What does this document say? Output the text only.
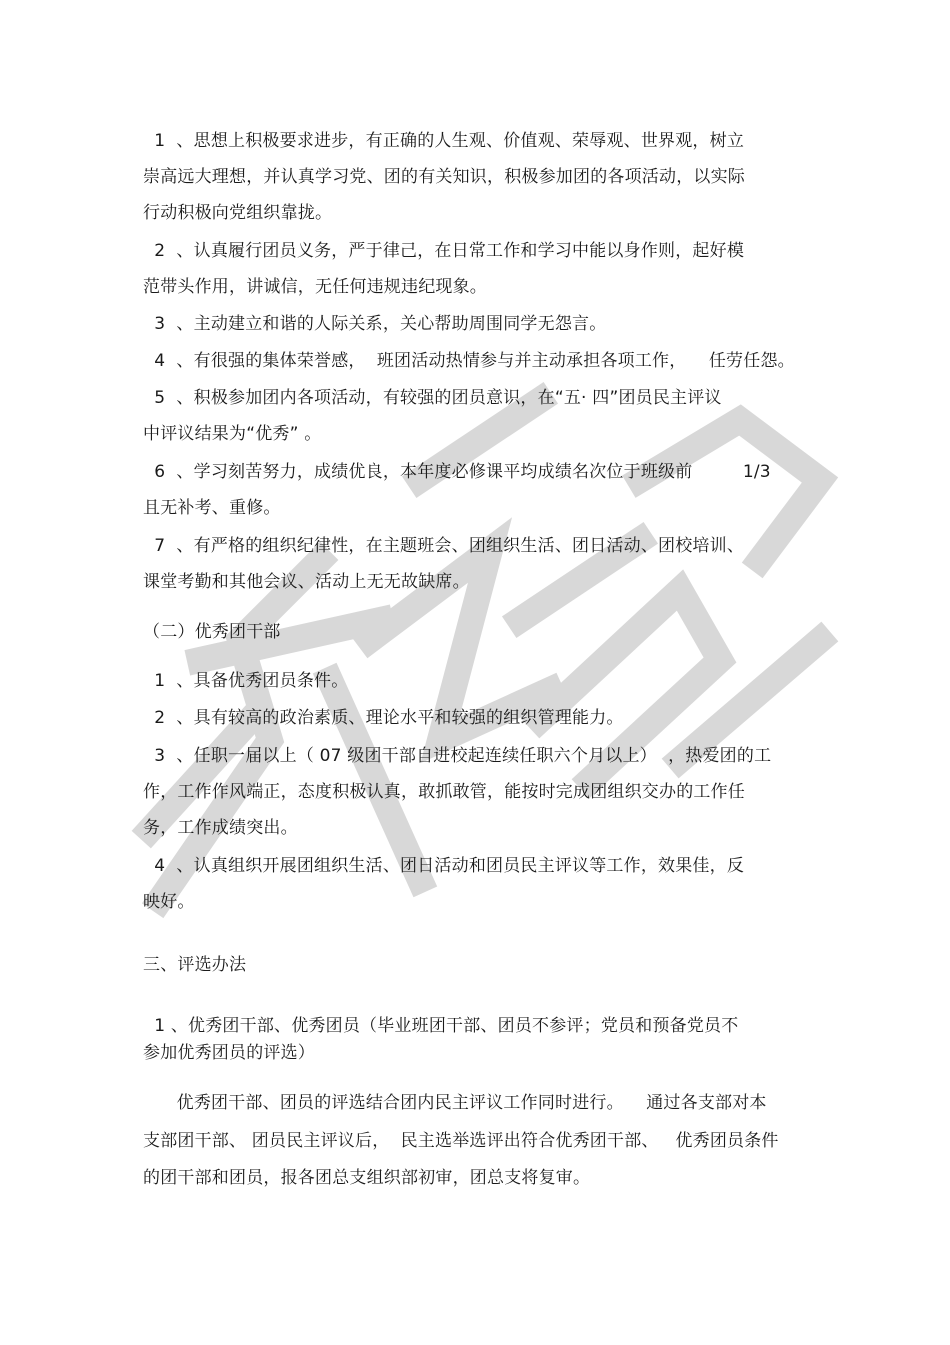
1  、思想上积极要求进步，有正确的人生观、价值观、荣辱观、世界观，树立
崇高远大理想，并认真学习党、团的有关知识，积极参加团的各项活动，以实际
行动积极向党组织靠拢。
2  、认真履行团员义务，严于律己，在日常工作和学习中能以身作则，起好模
范带头作用，讲诚信，无任何违规违纪现象。
3  、主动建立和谐的人际关系，关心帮助周围同学无怨言。
4  、有很强的集体荣誉感，  班团活动热情参与并主动承担各项工作，    任劳任怨。
5  、积极参加团内各项活动，有较强的团员意识，在“五· 四”团员民主评议
中评议结果为“优秀” 。
6  、学习刻苦努力，成绩优良，本年度必修课平均成绩名次位于班级前         1/3
且无补考、重修。
7  、有严格的组织纪律性，在主题班会、团组织生活、团日活动、团校培训、
课堂考勤和其他会议、活动上无无故缺席。
（二）优秀团干部
1  、具备优秀团员条件。
2  、具有较高的政治素质、理论水平和较强的组织管理能力。
3  、任职一届以上（ 07 级团干部自进校起连续任职六个月以上）  ，热爱团的工
作，工作作风端正，态度积极认真，敢抓敢管，能按时完成团组织交办的工作任
务，工作成绩突出。
4  、认真组织开展团组织生活、团日活动和团员民主评议等工作，效果佳，反
映好。
三、评选办法
1 、优秀团干部、优秀团员（毕业班团干部、团员不参评；党员和预备党员不
参加优秀团员的评选）
优秀团干部、团员的评选结合团内民主评议工作同时进行。    通过各支部对本
支部团干部、 团员民主评议后，  民主选举选评出符合优秀团干部、   优秀团员条件
的团干部和团员，报各团总支组织部初审，团总支将复审。
